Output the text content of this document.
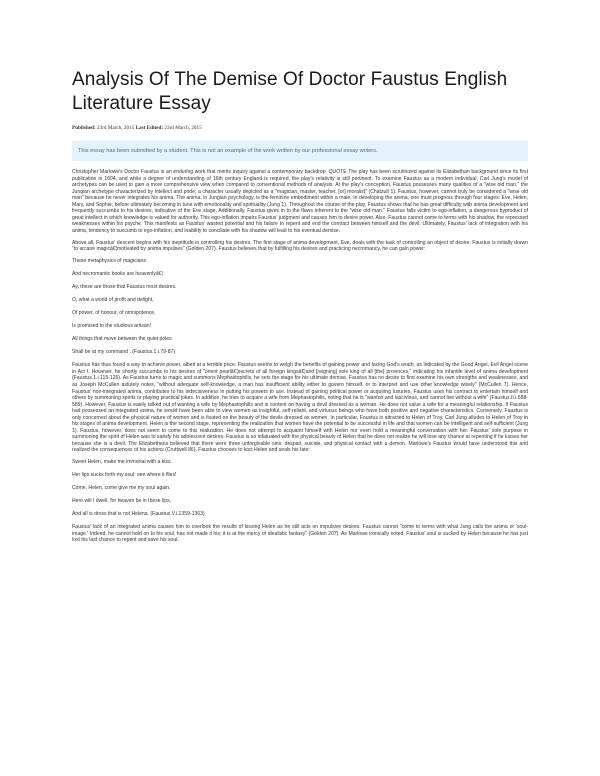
Analysis Of The Demise Of Doctor Faustus English
Literature Essay
Published: 23rd March, 2015 Last Edited: 23rd March, 2015
This essay has been submitted by a student. This is not an example of the work written by our professional essay writers.

Christopher Marlowe's Doctor Faustus is an enduring work that merits inquiry against a contemporary backdrop. QUOTE The play has been scrutinized against its Elizabethan background since its first publication in 1604, and while a degree of understanding of 16th century England is required, the play's relativity is still pertinent. To examine Faustus as a modern individual, Carl Jung's model of archetypes can be used to gain a more comprehensive view when compared to conventional methods of analysis. At the play's conception, Faustus possesses many qualities of a "wise old man," the Jungian archetype characterized by intellect and pride; a character usually depicted as a "magician, master, teacher, [or] moralist" (Chatzult 1). Faustus, however, cannot truly be considered a "wise old man" because he never integrates his anima. The anima, in Jungian psychology, is the feminine embodiment within a male. In developing the anima, one must progress through four stages: Eve, Helen, Mary, and Sophie, before ultimately becoming in tune with emotionality and spirituality (Jung 1). Throughout the course of the play, Faustus shows that he has great difficulty with anima development and frequently succumbs to his desires, indicative of the Eve stage. Additionally, Faustus gives in to the flaws inherent to the "wise old man." Faustus falls victim to ego-inflation, a dangerous byproduct of great intellect in which knowledge is valued for authority. This ego-inflation impairs Faustus' judgment and causes him to desire power. Also, Faustus cannot come to terms with his shadow, the repressed weaknesses within his psyche. This manifests as Faustus' wasted potential and his failure to repent and end the contract between himself and the devil. Ultimately, Faustus' lack of integration with his anima, tendency to succumb to ego-inflation, and inability to conciliate with his shadow will lead to his eventual demise.

Above all, Faustus' descent begins with his ineptitude in controlling his desires. The first stage of anima development, Eve, deals with the task of controlling an object of desire. Faustus is initially drawn "to arcane magicâ€¦motivated by anima impulses" (Golden 207). Faustus believes that by fulfilling his desires and practicing necromancy, he can gain power:

These metaphysics of magicians

And necromantic books are heavenlyâ€¦

Ay, these are those that Faustus most desires.

O, what a world of profit and delight,

Of power, of honour, of omnipotence,

Is promised to the studious artisan!

All things that move between the quiet poles

Shall be at my command . (Faustus.1.i.79-87)

Faustus has thus found a way to achieve power, albeit at a terrible price. Faustus seems to weigh the benefits of gaining power and facing God's wrath, as indicated by the Good Angel, Evil Angel scene in Act I. However, he shortly succumbs to his desires of "orient pearlâ€¦secrets of all foreign kingsâ€¦and [reigning] sole king of all [the] provinces," indicating his infantile level of anima development (Faustus.1.i.115-126). As Faustus turns to magic and summons Mephastophilis, he sets the stage for his ultimate demise. Faustus has no desire to first examine his own strengths and weaknesses, and as Joseph McCullen astutely notes, "without adequate self-knowledge, a man has insufficient ability either to govern himself, or to interpret and use other knowledge wisely" (McCullen 7). Hence, Faustus' non-integrated anima, contributes to his indecisiveness in putting his powers to use. Instead of gaining political power or acquiring luxuries, Faustus uses his contract to entertain himself and others by summoning spirits or playing practical jokes. In addition, he tries to acquire a wife from Mephastophilis, noting that he is "wanton and lascivious, and cannot live without a wife" (Faustus.II.i.588-589). However, Faustus is easily talked out of wanting a wife by Mephastophilis and is content on having a devil dressed as a woman. He does not value a wife for a meaningful relationship. If Faustus had possessed an integrated anima, he would have been able to view women as insightful, self-reliant, and virtuous beings who have both positive and negative characteristics. Conversely, Faustus is only concerned about the physical nature of women and is fixated on the beauty of the devils dressed as women. In particular, Faustus is attracted to Helen of Troy. Carl Jung alludes to Helen of Troy in his stages of anima development. Helen is the second stage, representing the realization that women have the potential to be successful in life and that women can be intelligent and self-sufficient (Jung 1). Faustus, however, does not seem to come to this realization. He does not attempt to acquaint himself with Helen nor even hold a meaningful conversation with her. Faustus' sole purpose in summoning the spirit of Helen was to satisfy his adolescent desires. Faustus is so infatuated with the physical beauty of Helen that he does not realize he will lose any chance at repenting if he kisses her because she is a devil. The Elizabethans believed that there were three unforgivable sins: despair, suicide, and physical contact with a demon. Marlowe's Faustus would have understood this and realized the consequences of his actions (Cruttwell 86). Faustus chooses to kiss Helen and seals his fate:

Sweet Helen, make me immortal with a kiss.

Her lips sucks forth my soul: see where it flies!

Come, Helen, come give me my soul again.

Here will I dwell, for heaven be in these lips,

And all is dross that is not Helena. (Faustus.V.i.1359-1363)

Faustus' lack of an integrated anima causes him to overlook the results of kissing Helen as he still acts on impulsive desires. Faustus cannot "come to terms with what Jung calls the anima or 'soul-image.' Indeed, he cannot hold on to his soul, has not made it his; it is at the mercy of idealistic fantasy" (Golden 207). As Marlowe ironically noted, Faustus' soul is sucked by Helen because he has just lost his last chance to repent and save his soul.
